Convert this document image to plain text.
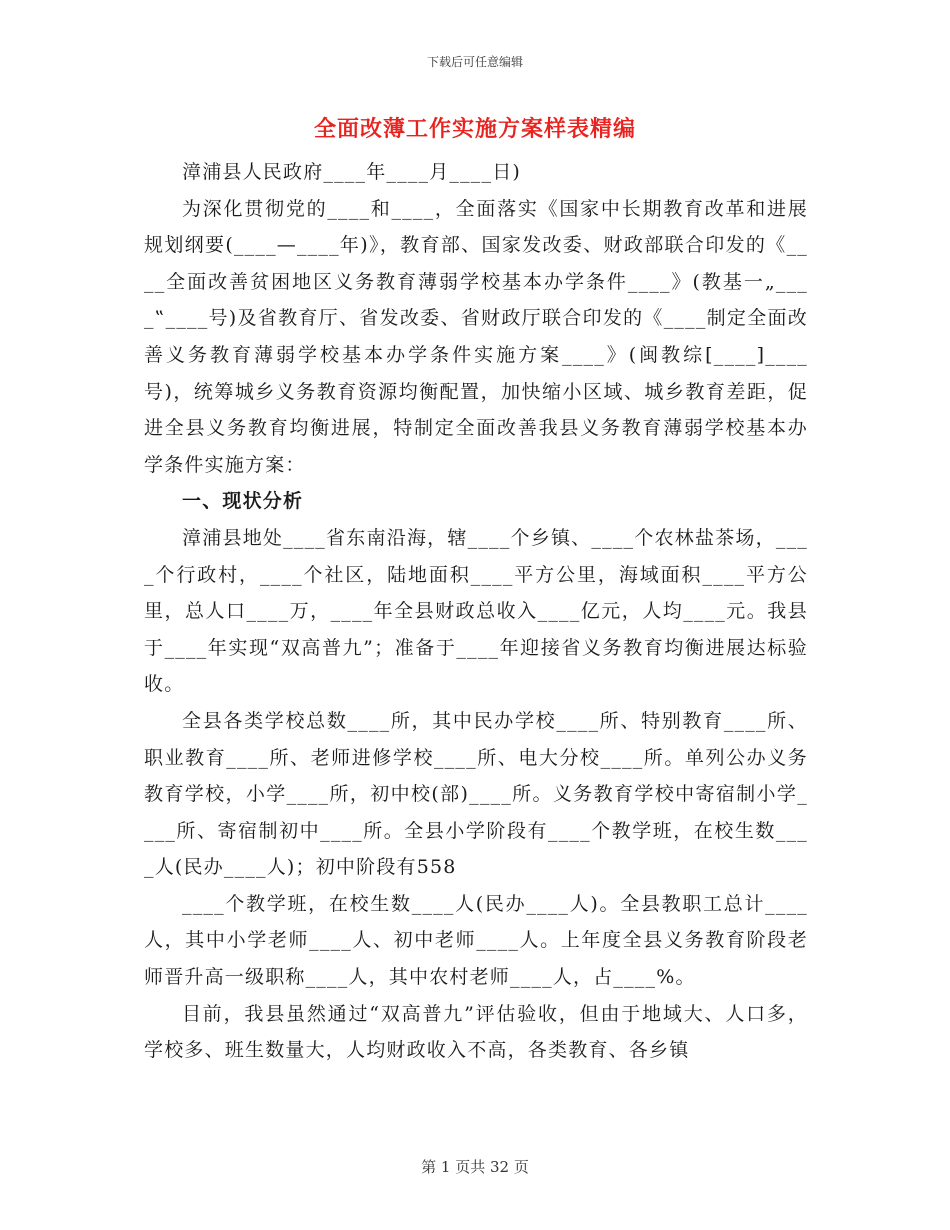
下载后可任意编辑
全面改薄工作实施方案样表精编

漳浦县人民政府____年____月____日)

为深化贯彻党的____和____，全面落实《国家中长期教育改革和进展规划纲要(____—____年)》，教育部、国家发改委、财政部联合印发的《____全面改善贫困地区义务教育薄弱学校基本办学条件____》(教基一„____‟____号)及省教育厅、省发改委、省财政厅联合印发的《____制定全面改善义务教育薄弱学校基本办学条件实施方案____》(闽教综[____]____号)，统筹城乡义务教育资源均衡配置，加快缩小区域、城乡教育差距，促进全县义务教育均衡进展，特制定全面改善我县义务教育薄弱学校基本办学条件实施方案：

一、现状分析

漳浦县地处____省东南沿海，辖____个乡镇、____个农林盐茶场，____个行政村，____个社区，陆地面积____平方公里，海域面积____平方公里，总人口____万，____年全县财政总收入____亿元，人均____元。我县于____年实现“双高普九”；准备于____年迎接省义务教育均衡进展达标验收。

全县各类学校总数____所，其中民办学校____所、特别教育____所、职业教育____所、老师进修学校____所、电大分校____所。单列公办义务教育学校，小学____所，初中校(部)____所。义务教育学校中寄宿制小学____所、寄宿制初中____所。全县小学阶段有____个教学班，在校生数____人(民办____人)；初中阶段有558

____个教学班，在校生数____人(民办____人)。全县教职工总计____人，其中小学老师____人、初中老师____人。上年度全县义务教育阶段老师晋升高一级职称____人，其中农村老师____人，占____%。

目前，我县虽然通过“双高普九”评估验收，但由于地域大、人口多，学校多、班生数量大，人均财政收入不高，各类教育、各乡镇

第 1 页共 32 页
